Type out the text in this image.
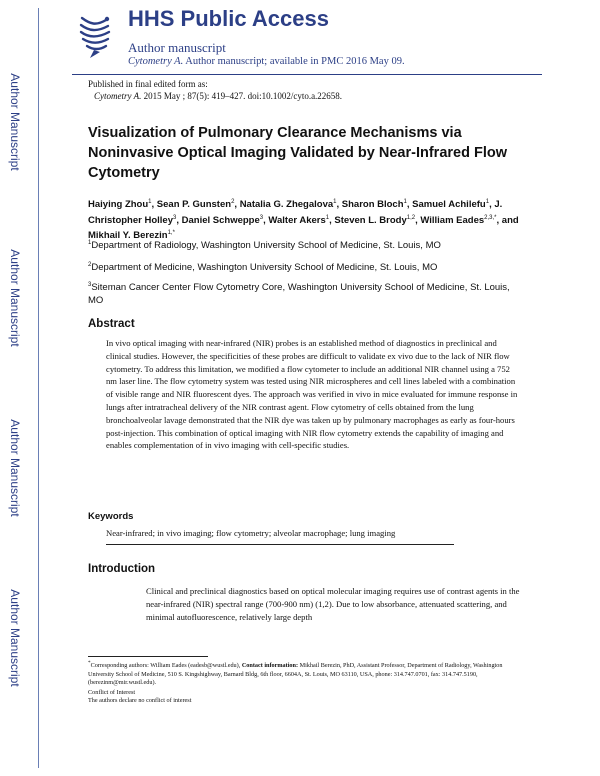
Author Manuscript
Author Manuscript
Author Manuscript
Author Manuscript
HHS Public Access
Author manuscript
Cytometry A. Author manuscript; available in PMC 2016 May 09.
Published in final edited form as:
Cytometry A. 2015 May ; 87(5): 419–427. doi:10.1002/cyto.a.22658.
Visualization of Pulmonary Clearance Mechanisms via Noninvasive Optical Imaging Validated by Near-Infrared Flow Cytometry
Haiying Zhou$^1$, Sean P. Gunsten$^2$, Natalia G. Zhegalova$^1$, Sharon Bloch$^1$, Samuel Achilefu$^1$, J. Christopher Holley$^3$, Daniel Schweppe$^3$, Walter Akers$^1$, Steven L. Brody$^{1,2}$, William Eades$^{2,3,*}$, and Mikhail Y. Berezin$^{1,*}$
$^1$Department of Radiology, Washington University School of Medicine, St. Louis, MO
$^2$Department of Medicine, Washington University School of Medicine, St. Louis, MO
$^3$Siteman Cancer Center Flow Cytometry Core, Washington University School of Medicine, St. Louis, MO
Abstract
In vivo optical imaging with near-infrared (NIR) probes is an established method of diagnostics in preclinical and clinical studies. However, the specificities of these probes are difficult to validate ex vivo due to the lack of NIR flow cytometry. To address this limitation, we modified a flow cytometer to include an additional NIR channel using a 752 nm laser line. The flow cytometry system was tested using NIR microspheres and cell lines labeled with a combination of visible range and NIR fluorescent dyes. The approach was verified in vivo in mice evaluated for immune response in lungs after intratracheal delivery of the NIR contrast agent. Flow cytometry of cells obtained from the lung bronchoalveolar lavage demonstrated that the NIR dye was taken up by pulmonary macrophages as early as four-hours post-injection. This combination of optical imaging with NIR flow cytometry extends the capability of imaging and enables complementation of in vivo imaging with cell-specific studies.
Keywords
Near-infrared; in vivo imaging; flow cytometry; alveolar macrophage; lung imaging
Introduction
Clinical and preclinical diagnostics based on optical molecular imaging requires use of contrast agents in the near-infrared (NIR) spectral range (700-900 nm) (1,2). Due to low absorbance, attenuated scattering, and minimal autofluorescence, relatively large depth
*Corresponding authors: William Eades (eadesb@wustl.edu), Contact information: Mikhail Berezin, PhD, Assistant Professor, Department of Radiology, Washington University School of Medicine, 510 S. Kingshighway, Barnard Bldg, 6th floor, 6604A, St. Louis, MO 63110, USA, phone: 314.747.0701, fax: 314.747.5190, (berezinm@mir.wustl.edu).
Conflict of Interest
The authors declare no conflict of interest
